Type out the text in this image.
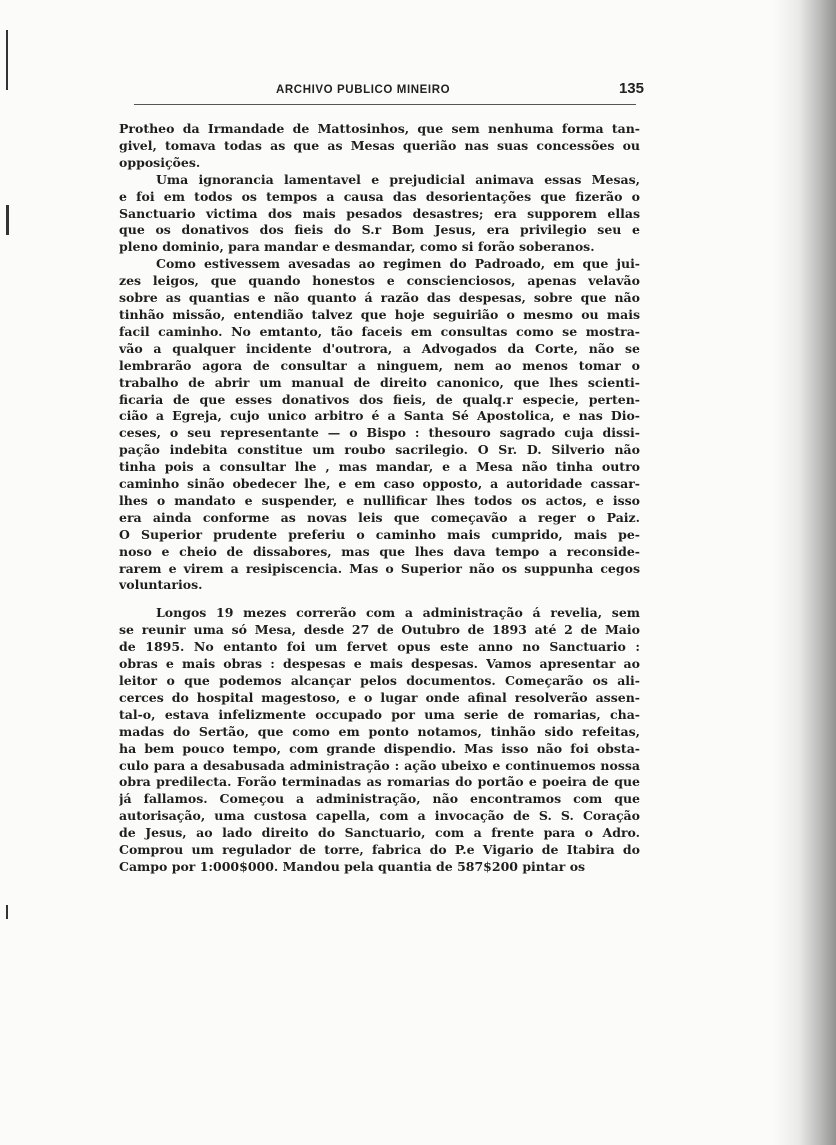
ARCHIVO PUBLICO MINEIRO	135

Protheo da Irmandade de Mattosinhos, que sem nenhuma forma tan-
givel, tomava todas as que as Mesas querião nas suas concessões ou
opposições.

Uma ignorancia lamentavel e prejudicial animava essas Mesas,
e foi em todos os tempos a causa das desorientações que fizerão o
Sanctuario victima dos mais pesados desastres; era supporem ellas
que os donativos dos fieis do S.r Bom Jesus, era privilegio seu e
pleno dominio, para mandar e desmandar, como si forão soberanos.

Como estivessem avesadas ao regimen do Padroado, em que jui-
zes leigos, que quando honestos e conscienciosos, apenas velavão
sobre as quantias e não quanto á razão das despesas, sobre que não
tinhão missão, entendião talvez que hoje seguirião o mesmo ou mais
facil caminho. No emtanto, tão faceis em consultas como se mostra-
vão a qualquer incidente d'outrora, a Advogados da Corte, não se
lembrarão agora de consultar a ninguem, nem ao menos tomar o
trabalho de abrir um manual de direito canonico, que lhes scienti-
ficaria de que esses donativos dos fieis, de qualq.r especie, perten-
cião a Egreja, cujo unico arbitro é a Santa Sé Apostolica, e nas Dio-
ceses, o seu representante — o Bispo : thesouro sagrado cuja dissi-
pação indebita constitue um roubo sacrilegio. O Sr. D. Silverio não
tinha pois a consultar lhe , mas mandar, e a Mesa não tinha outro
caminho sinão obedecer lhe, e em caso opposto, a autoridade cassar-
lhes o mandato e suspender, e nullificar lhes todos os actos, e isso
era ainda conforme as novas leis que começavão a reger o Paiz.
O Superior prudente preferiu o caminho mais cumprido, mais pe-
noso e cheio de dissabores, mas que lhes dava tempo a reconside-
rarem e virem a resipiscencia. Mas o Superior não os suppunha cegos
voluntarios.

Longos 19 mezes correrão com a administração á revelia, sem
se reunir uma só Mesa, desde 27 de Outubro de 1893 até 2 de Maio
de 1895. No entanto foi um fervet opus este anno no Sanctuario :
obras e mais obras : despesas e mais despesas. Vamos apresentar ao
leitor o que podemos alcançar pelos documentos. Começarão os ali-
cerces do hospital magestoso, e o lugar onde afinal resolverão assen-
tal-o, estava infelizmente occupado por uma serie de romarias, cha-
madas do Sertão, que como em ponto notamos, tinhão sido refeitas,
ha bem pouco tempo, com grande dispendio. Mas isso não foi obsta-
culo para a desabusada administração : ação ubeixo e continuemos nossa
obra predilecta. Forão terminadas as romarias do portão e poeira de que
já fallamos. Começou a administração, não encontramos com que
autorisação, uma custosa capella, com a invocação de S. S. Coração
de Jesus, ao lado direito do Sanctuario, com a frente para o Adro.
Comprou um regulador de torre, fabrica do P.e Vigario de Itabira do
Campo por 1:000$000. Mandou pela quantia de 587$200 pintar os
